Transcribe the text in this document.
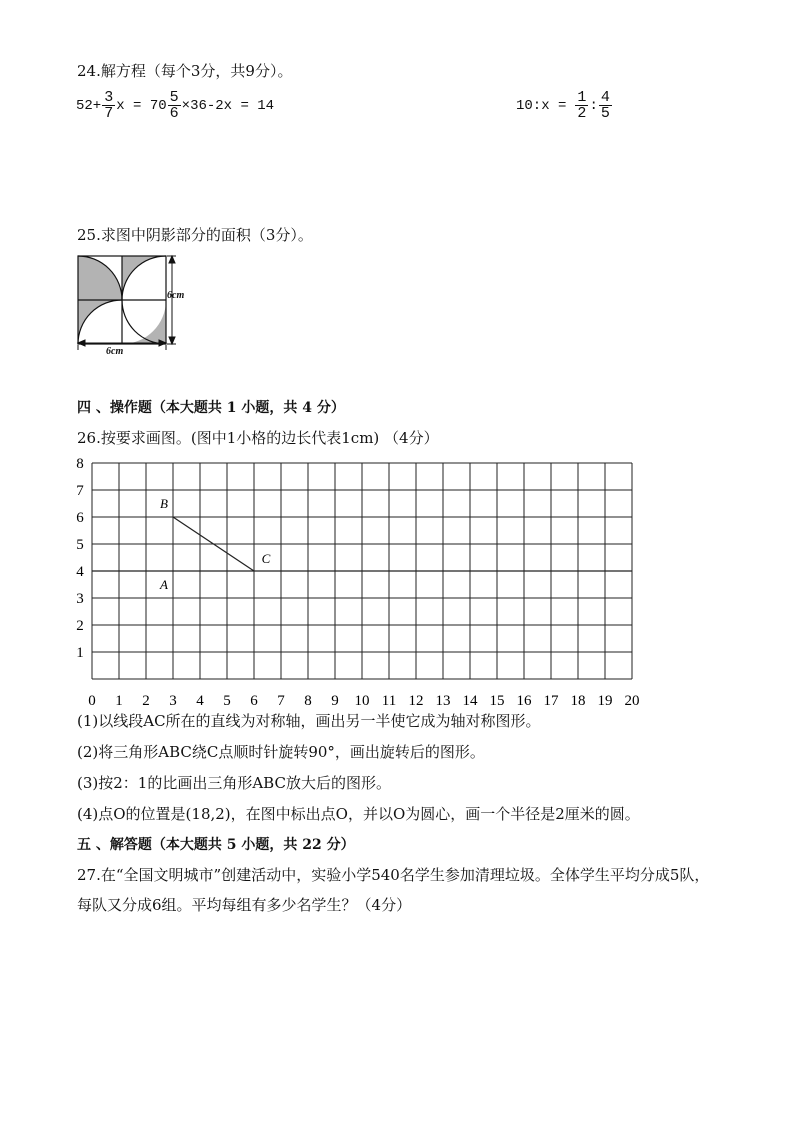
24.解方程（每个3分，共9分）。
$52+ \frac{3}{7}$ $x = 70 \frac{5}{6} \times 36-2x = 14$	10:x = $\frac{1}{2}$ : $\frac{4}{5}$
25.求图中阴影部分的面积（3分）。
6cm
6cm
四 、操作题（本大题共 1 小题，共 4 分）
26.按要求画图。(图中1小格的边长代表1cm) （4分）
0 1 2 3 4 5 6 7 8 9 10 11 12 13 14 15 16 17 18 19 20
8
7
6
5
4
3
2
1
B
C
A
(1)以线段AC所在的直线为对称轴，画出另一半使它成为轴对称图形。
(2)将三角形ABC绕C点顺时针旋转90°，画出旋转后的图形。
(3)按2：1的比画出三角形ABC放大后的图形。
(4)点O的位置是(18,2)，在图中标出点O，并以O为圆心，画一个半径是2厘米的圆。
五 、解答题（本大题共 5 小题，共 22 分）
27.在“全国文明城市”创建活动中，实验小学540名学生参加清理垃圾。全体学生平均分成5队，
每队又分成6组。平均每组有多少名学生？（4分）
